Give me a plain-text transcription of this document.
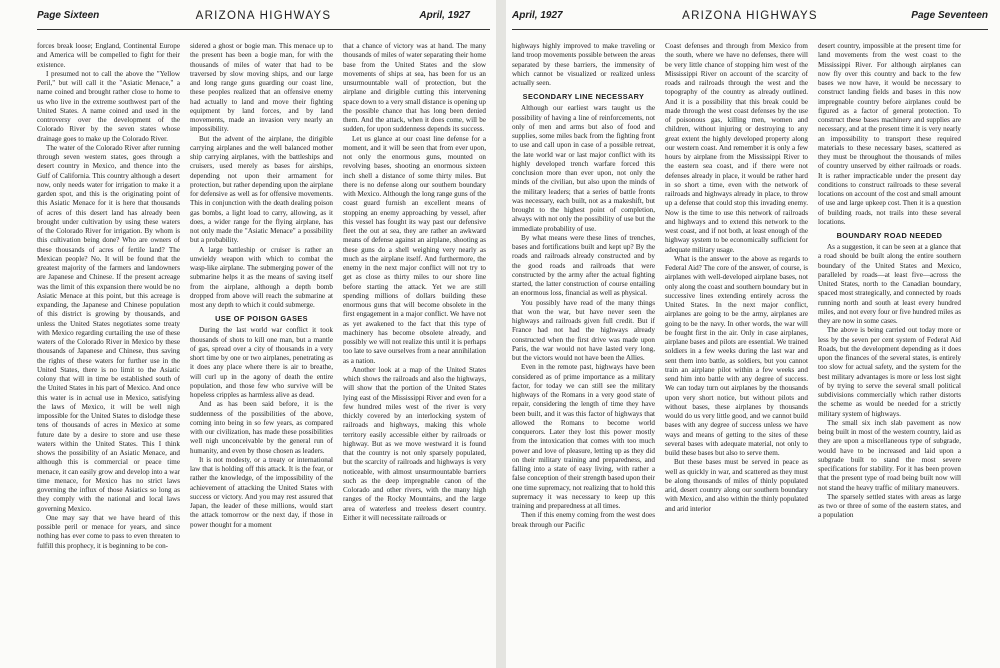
Page Sixteen	ARIZONA HIGHWAYS	April, 1927

forces break loose; England, Continental Europe and America will be compelled to fight for their existence.

I presumed not to call the above the "Yellow Peril," but will call it the "Asiatic Menace," a name coined and brought rather close to home to us who live in the extreme southwest part of the United States. A name coined and used in the controversy over the development of the Colorado River by the seven states whose drainage goes to make up the Colorado River.

The water of the Colorado River after running through seven western states, goes through a desert country in Mexico, and thence into the Gulf of California. This country although a desert now, only needs water for irrigation to make it a garden spot, and this is the originating point of this Asiatic Menace for it is here that thousands of acres of this desert land has already been brought under cultivation by using these waters of the Colorado River for irrigation. By whom is this cultivation being done? Who are owners of these thousands of acres of fertile land? The Mexican people? No. It will be found that the greatest majority of the farmers and landowners are Japanese and Chinese. If the present acreage was the limit of this expansion there would be no Asiatic Menace at this point, but this acreage is expanding, the Japanese and Chinese population of this district is growing by thousands, and unless the United States negotiates some treaty with Mexico regarding curtailing the use of these waters of the Colorado River in Mexico by these thousands of Japanese and Chinese, thus saving the rights of these waters for further use in the United States, there is no limit to the Asiatic colony that will in time be established south of the United States in his part of Mexico. And once this water is in actual use in Mexico, satisfying the laws of Mexico, it will be well nigh impossible for the United States to dislodge these tens of thousands of acres in Mexico at some future date by a desire to store and use these waters within the United States. This I think shows the possibility of an Asiatic Menace, and although this is commercial or peace time menace, it can easily grow and develop into a war time menace, for Mexico has no strict laws governing the influx of those Asiatics so long as they comply with the national and local laws governing Mexico.

One may say that we have heard of this possible peril or menace for years, and since nothing has ever come to pass to even threaten to fulfill this prophecy, it is beginning to be con-

sidered a ghost or bogie man. This menace up to the present has been a bogie man, for with the thousands of miles of water that had to be traversed by slow moving ships, and our large and long range guns guarding our coast line, these peoples realized that an offensive enemy had actually to land and move their fighting equipment by land forces, and by land movements, made an invasion very nearly an impossibility.

But the advent of the airplane, the dirigible carrying airplanes and the well balanced mother ship carrying airplanes, with the battleships and cruisers, used merely as bases for airships, depending not upon their armament for protection, but rather depending upon the airplane for defensive as well as for offensive movements. This in conjunction with the death dealing poison gas bombs, a light load to carry, allowing, as it does, a wider range for the flying airplane, has not only made the "Asiatic Menace" a possibility but a probability.

A large battleship or cruiser is rather an unwieldy weapon with which to combat the wasp-like airplane. The submerging power of the submarine helps it as the means of saving itself from the airplane, although a depth bomb dropped from above will reach the submarine at most any depth to which it could submerge.

USE OF POISON GASES

During the last world war conflict it took thousands of shots to kill one man, but a mantle of gas, spread over a city of thousands in a very short time by one or two airplanes, penetrating as it does any place where there is air to breathe, will curl up in the agony of death the entire population, and those few who survive will be hopeless cripples as harmless alive as dead.

And as has been said before, it is the suddenness of the possibilities of the above, coming into being in so few years, as compared with our civilization, has made these possibilities well nigh unconceivable by the general run of humanity, and even by those chosen as leaders.

It is not modesty, or a treaty or international law that is holding off this attack. It is the fear, or rather the knowledge, of the impossibility of the achievement of attacking the United States with success or victory. And you may rest assured that Japan, the leader of these millions, would start the attack tomorrow or the next day, if those in power thought for a moment

that a chance of victory was at hand. The many thousands of miles of water separating their home base from the United States and the slow movements of ships at sea, has been for us an unsurmountable wall of protection, but the airplane and dirigible cutting this intervening space down to a very small distance is opening up the possible chance that has long been denied them. And the attack, when it does come, will be sudden, for upon suddenness depends its success.

Let us glance at our coast line defense for a moment, and it will be seen that from ever upon, not only the enormous guns, mounted on revolving bases, shooting an enormous sixteen inch shell a distance of some thirty miles. But there is no defense along our southern boundary with Mexico. Although the long range guns of the coast guard furnish an excellent means of stopping an enemy approaching by vessel, after this vessel has fought its way past our defensive fleet the out at sea, they are rather an awkward means of defense against an airplane, shooting as these guns do a shell weighing very nearly as much as the airplane itself. And furthermore, the enemy in the next major conflict will not try to get as close as thirty miles to our shore line before starting the attack. Yet we are still spending millions of dollars building these enormous guns that will become obsolete in the first engagement in a major conflict. We have not as yet awakened to the fact that this type of machinery has become obsolete already, and possibly we will not realize this until it is perhaps too late to save ourselves from a near annihilation as a nation.

Another look at a map of the United States which shows the railroads and also the highways, will show that the portion of the United States lying east of the Mississippi River and even for a few hundred miles west of the river is very thickly covered by an interlocking system of railroads and highways, making this whole territory easily accessible either by railroads or highway. But as we move westward it is found that the country is not only sparsely populated, but the scarcity of railroads and highways is very noticeable, with almost unsurmountable barriers such as the deep impregnable canon of the Colorado and other rivers, with the many high ranges of the Rocky Mountains, and the large area of waterless and treeless desert country. Either it will necessitate railroads or

April, 1927	ARIZONA HIGHWAYS	Page Seventeen

highways highly improved to make traveling or land troop movements possible between the areas separated by these barriers, the immensity of which cannot be visualized or realized unless actually seen.

SECONDARY LINE NECESSARY

Although our earliest wars taught us the possibility of having a line of reinforcements, not only of men and arms but also of food and supplies, some miles back from the fighting front to use and call upon in case of a possible retreat, the late world war or last major conflict with its highly developed trench warfare forced this conclusion more than ever upon, not only the minds of the civilian, but also upon the minds of the military leaders; that a series of battle fronts was necessary, each built, not as a makeshift, but brought to the highest point of completion, always with not only the possibility of use but the immediate probability of use.

By what means were these lines of trenches, bases and fortifications built and kept up? By the roads and railroads already constructed and by the good roads and railroads that were constructed by the army after the actual fighting started, the latter construction of course entailing an enormous loss, financial as well as physical.

You possibly have read of the many things that won the war, but have never seen the highways and railroads given full credit. But if France had not had the highways already constructed when the first drive was made upon Paris, the war would not have lasted very long, but the victors would not have been the Allies.

Even in the remote past, highways have been considered as of prime importance as a military factor, for today we can still see the military highways of the Romans in a very good state of repair, considering the length of time they have been built, and it was this factor of highways that allowed the Romans to become world conquerors. Later they lost this power mostly from the intoxication that comes with too much power and love of pleasure, letting up as they did on their military training and preparedness, and falling into a state of easy living, with rather a false conception of their strength based upon their one time supremacy, not realizing that to hold this supremacy it was necessary to keep up this training and preparedness at all times.

Then if this enemy coming from the west does break through our Pacific

Coast defenses and through from Mexico from the south, where we have no defenses, there will be very little chance of stopping him west of the Mississippi River on account of the scarcity of roads and railroads through the west and the topography of the country as already outlined. And it is a possibility that this break could be made through the west coast defenses by the use of poisonous gas, killing men, women and children, without injuring or destroying to any great extent the highly developed property along our western coast. And remember it is only a few hours by airplane from the Mississippi River to the eastern sea coast, and if there were not defenses already in place, it would be rather hard in so short a time, even with the network of railroads and highways already in place, to throw up a defense that could stop this invading enemy. Now is the time to use this network of railroads and highways and to extend this network to the west coast, and if not both, at least enough of the highway system to be economically sufficient for adequate military usage.

What is the answer to the above as regards to Federal Aid? The core of the answer, of course, is airplanes with well-developed airplane bases, not only along the coast and southern boundary but in successive lines extending entirely across the United States. In the next major conflict, airplanes are going to be the army, airplanes are going to be the navy. In other words, the war will be fought first in the air. Only in case airplanes, airplane bases and pilots are essential. We trained soldiers in a few weeks during the last war and sent them into battle, as soldiers, but you cannot train an airplane pilot within a few weeks and send him into battle with any degree of success. We can today turn out airplanes by the thousands upon very short notice, but without pilots and without bases, these airplanes by thousands would do us very little good, and we cannot build bases with any degree of success unless we have ways and means of getting to the sites of these several bases with adequate material, not only to build these bases but also to serve them.

But these bases must be served in peace as well as quickly in war, and scattered as they must be along thousands of miles of thinly populated arid, desert country along our southern boundary with Mexico, and also within the thinly populated and arid interior

desert country, impossible at the present time for land movements from the west coast to the Mississippi River. For although airplanes can now fly over this country and back to the few bases we now have, it would be necessary to construct landing fields and bases in this now impregnable country before airplanes could be figured as a factor of general protection. To construct these bases machinery and supplies are necessary, and at the present time it is very nearly an impossibility to transport these required materials to these necessary bases, scattered as they must be throughout the thousands of miles of country unserved by either railroads or roads. It is rather impracticable under the present day conditions to construct railroads to these several locations on account of the cost and small amount of use and large upkeep cost. Then it is a question of building roads, not trails into these several locations.

BOUNDARY ROAD NEEDED

As a suggestion, it can be seen at a glance that a road should be built along the entire southern boundary of the United States and Mexico, paralleled by roads—at least five—across the United States, north to the Canadian boundary, spaced most strategically, and connected by roads running north and south at least every hundred miles, and not every four or five hundred miles as they are now in some cases.

The above is being carried out today more or less by the seven per cent system of Federal Aid Roads, but the development depending as it does upon the finances of the several states, is entirely too slow for actual safety, and the system for the best military advantages is more or less lost sight of by trying to serve the several small political subdivisions commercially which rather distorts the scheme as would be needed for a strictly military system of highways.

The small six inch slab pavement as now being built in most of the western country, laid as they are upon a miscellaneous type of subgrade, would have to be increased and laid upon a subgrade built to stand the most severe specifications for stability. For it has been proven that the present type of road being built now will not stand the heavy traffic of military maneuvers.

The sparsely settled states with areas as large as two or three of some of the eastern states, and a population
